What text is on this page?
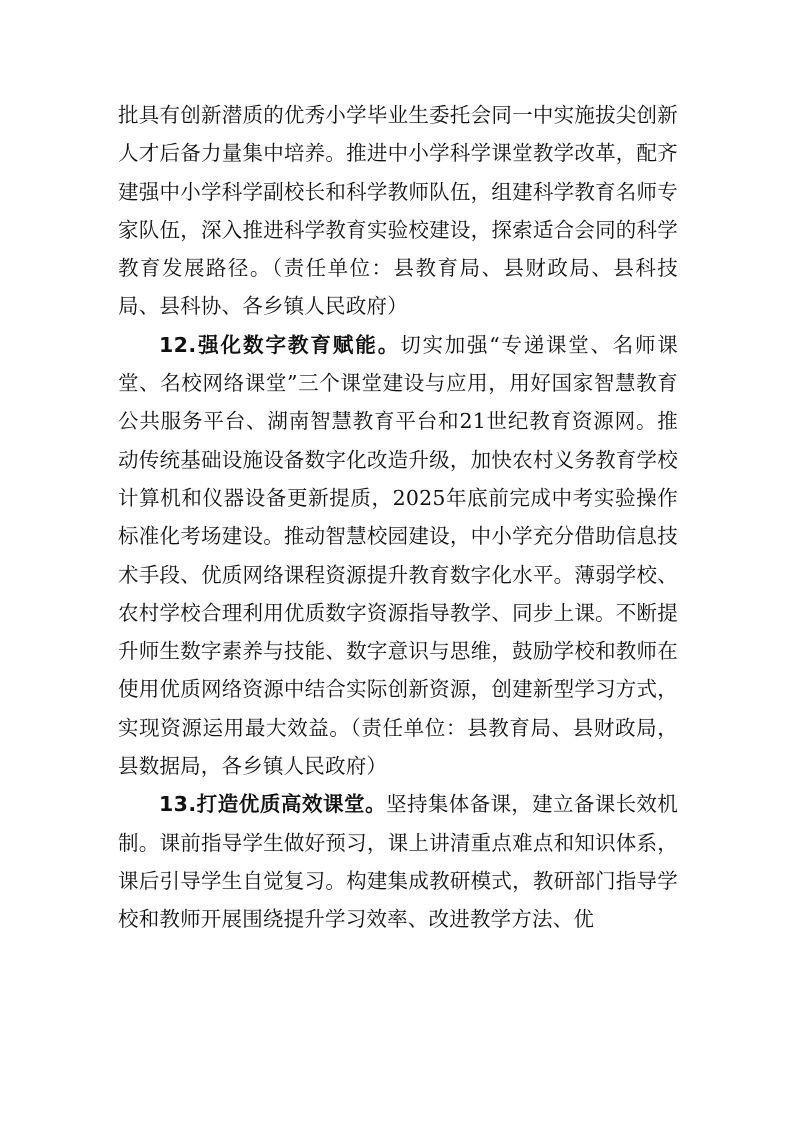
批具有创新潜质的优秀小学毕业生委托会同一中实施拔尖创新人才后备力量集中培养。推进中小学科学课堂教学改革，配齐建强中小学科学副校长和科学教师队伍，组建科学教育名师专家队伍，深入推进科学教育实验校建设，探索适合会同的科学教育发展路径。（责任单位：县教育局、县财政局、县科技局、县科协、各乡镇人民政府）

12.强化数字教育赋能。切实加强“专递课堂、名师课堂、名校网络课堂”三个课堂建设与应用，用好国家智慧教育公共服务平台、湖南智慧教育平台和21世纪教育资源网。推动传统基础设施设备数字化改造升级，加快农村义务教育学校计算机和仪器设备更新提质，2025年底前完成中考实验操作标准化考场建设。推动智慧校园建设，中小学充分借助信息技术手段、优质网络课程资源提升教育数字化水平。薄弱学校、农村学校合理利用优质数字资源指导教学、同步上课。不断提升师生数字素养与技能、数字意识与思维，鼓励学校和教师在使用优质网络资源中结合实际创新资源，创建新型学习方式，实现资源运用最大效益。（责任单位：县教育局、县财政局，县数据局，各乡镇人民政府）

13.打造优质高效课堂。坚持集体备课，建立备课长效机制。课前指导学生做好预习，课上讲清重点难点和知识体系，课后引导学生自觉复习。构建集成教研模式，教研部门指导学校和教师开展围绕提升学习效率、改进教学方法、优
